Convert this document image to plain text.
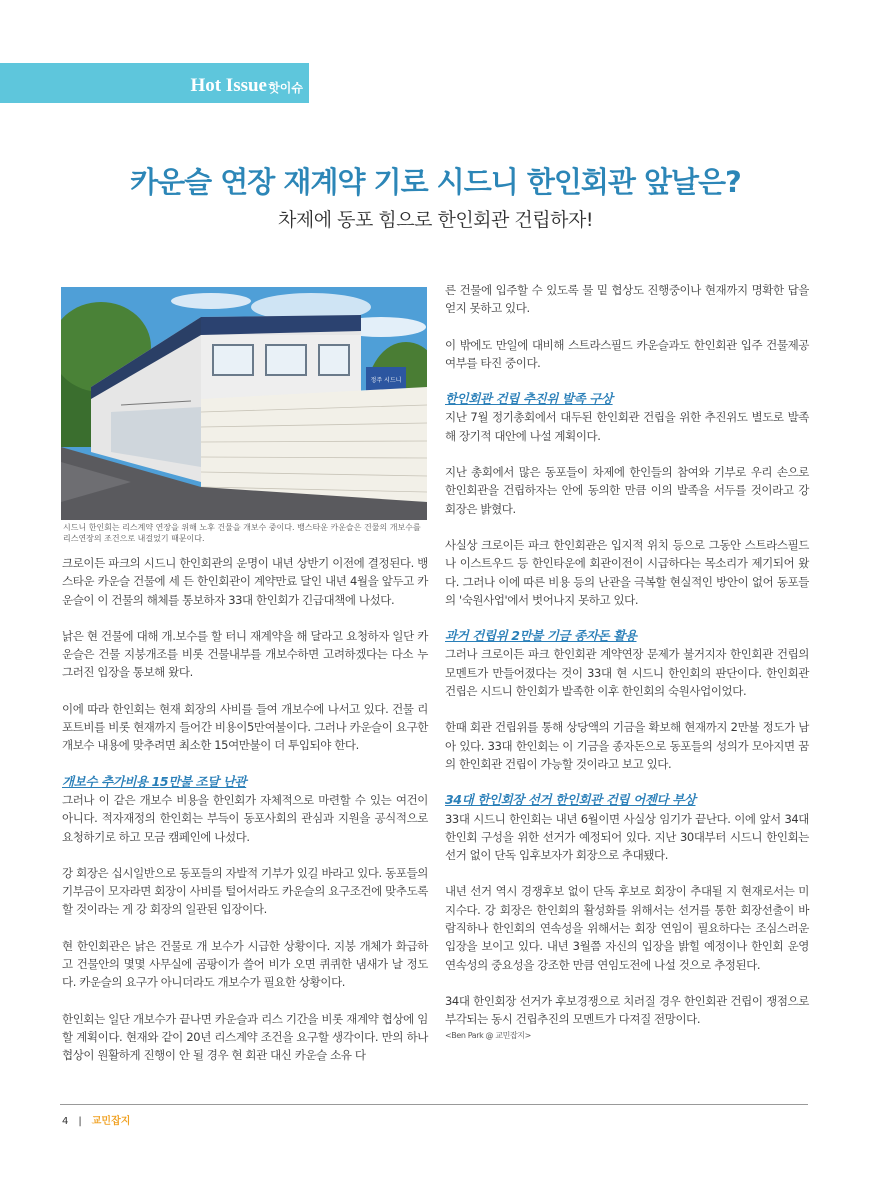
Hot Issue 핫이슈
카운슬 연장 재계약 기로 시드니 한인회관 앞날은?
차제에 동포 힘으로 한인회관 건립하자!
정주 시드니
시드니 한인회는 리스계약 연장을 위해 노후 건물을 개보수 중이다. 뱅스타운 카운슬은 건물의 개보수를 리스연장의 조건으로 내걸었기 때문이다.

크로이든 파크의 시드니 한인회관의 운명이 내년 상반기 이전에 결정된다. 뱅스타운 카운슬 건물에 세 든 한인회관이 계약만료 달인 내년 4월을 앞두고 카운슬이 이 건물의 해체를 통보하자 33대 한인회가 긴급대책에 나섰다.

낡은 현 건물에 대해 개.보수를 할 터니 재계약을 해 달라고 요청하자 일단 카운슬은 건물 지붕개조를 비롯 건물내부를 개보수하면 고려하겠다는 다소 누그러진 입장을 통보해 왔다.

이에 따라 한인회는 현재 회장의 사비를 들여 개보수에 나서고 있다. 건물 리포트비를 비롯 현재까지 들어간 비용이5만여불이다. 그러나 카운슬이 요구한 개보수 내용에 맞추려면 최소한 15여만불이 더 투입되야 한다.

개보수 추가비용 15만불 조달 난관

그러나 이 같은 개보수 비용을 한인회가 자체적으로 마련할 수 있는 여건이 아니다. 적자재정의 한인회는 부득이 동포사회의 관심과 지원을 공식적으로 요청하기로 하고 모금 캠페인에 나섰다.

강 회장은 십시일반으로 동포들의 자발적 기부가 있길 바라고 있다. 동포들의 기부금이 모자라면 회장이 사비를 털어서라도 카운슬의 요구조건에 맞추도록 할 것이라는 게 강 회장의 일관된 입장이다.

현 한인회관은 낡은 건물로 개 보수가 시급한 상황이다. 지붕 개체가 화급하고 건물안의 몇몇 사무실에 곰팡이가 쓸어 비가 오면 퀴퀴한 냄새가 날 정도다. 카운슬의 요구가 아니더라도 개보수가 필요한 상황이다.

한인회는 일단 개보수가 끝나면 카운슬과 리스 기간을 비롯 재계약 협상에 임할 계획이다. 현재와 같이 20년 리스계약 조건을 요구할 생각이다. 만의 하나 협상이 원활하게 진행이 안 될 경우 현 회관 대신 카운슬 소유 다

른 건물에 입주할 수 있도록 물 밑 협상도 진행중이나 현재까지 명확한 답을 얻지 못하고 있다.

이 밖에도 만일에 대비해 스트라스필드 카운슬과도 한인회관 입주 건물제공 여부를 타진 중이다.

한인회관 건립 추진위 발족 구상

지난 7월 정기총회에서 대두된 한인회관 건립을 위한 추진위도 별도로 발족해 장기적 대안에 나설 계획이다.

지난 총회에서 많은 동포들이 차제에 한인들의 참여와 기부로 우리 손으로 한인회관을 건립하자는 안에 동의한 만큼 이의 발족을 서두를 것이라고 강 회장은 밝혔다.

사실상 크로이든 파크 한인회관은 입지적 위치 등으로 그동안 스트라스필드나 이스트우드 등 한인타운에 회관이전이 시급하다는 목소리가 제기되어 왔다. 그러나 이에 따른 비용 등의 난관을 극복할 현실적인 방안이 없어 동포들의 '숙원사업'에서 벗어나지 못하고 있다.

과거 건립위 2만불 기금 종자돈 활용

그러나 크로이든 파크 한인회관 계약연장 문제가 불거지자 한인회관 건립의 모멘트가 만들어졌다는 것이 33대 현 시드니 한인회의 판단이다. 한인회관 건립은 시드니 한인회가 발족한 이후 한인회의 숙원사업이었다.

한때 회관 건립위를 통해 상당액의 기금을 확보해 현재까지 2만불 정도가 남아 있다. 33대 한인회는 이 기금을 종자돈으로 동포들의 성의가 모아지면 꿈의 한인회관 건립이 가능할 것이라고 보고 있다.

34대 한인회장 선거 한인회관 건립 어젠다 부상

33대 시드니 한인회는 내년 6월이면 사실상 임기가 끝난다. 이에 앞서 34대 한인회 구성을 위한 선거가 예정되어 있다. 지난 30대부터 시드니 한인회는 선거 없이 단독 입후보자가 회장으로 추대됐다.

내년 선거 역시 경쟁후보 없이 단독 후보로 회장이 추대될 지 현재로서는 미지수다. 강 회장은 한인회의 활성화를 위해서는 선거를 통한 회장선출이 바람직하나 한인회의 연속성을 위해서는 회장 연임이 필요하다는 조심스러운 입장을 보이고 있다. 내년 3월쯤 자신의 입장을 밝힐 예정이나 한인회 운영 연속성의 중요성을 강조한 만큼 연임도전에 나설 것으로 추정된다.

34대 한인회장 선거가 후보경쟁으로 치러질 경우 한인회관 건립이 쟁점으로 부각되는 동시 건립추진의 모멘트가 다져질 전망이다.

<Ben Park @ 교민잡지>

4 | 교민잡지
